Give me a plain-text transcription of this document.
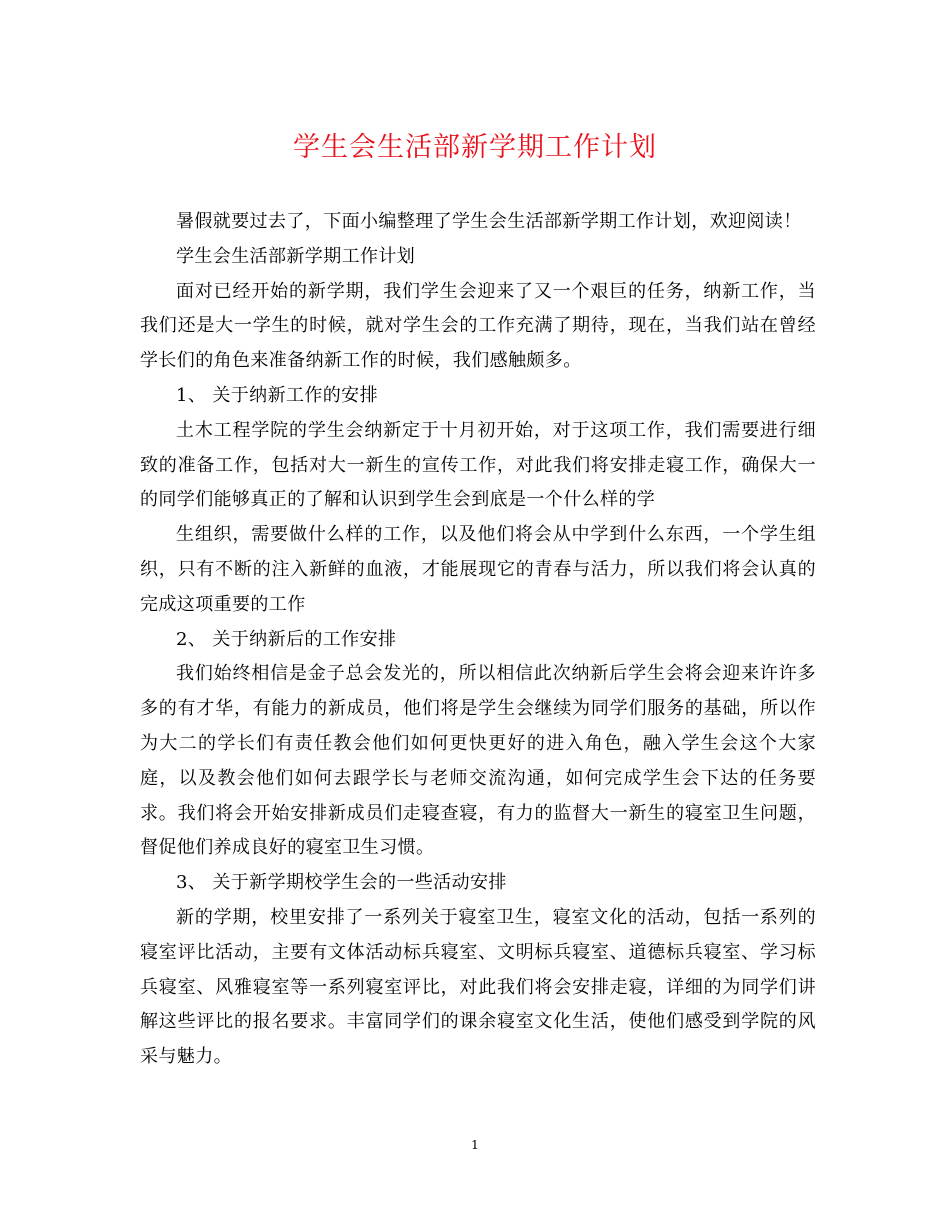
学生会生活部新学期工作计划

暑假就要过去了，下面小编整理了学生会生活部新学期工作计划，欢迎阅读！

学生会生活部新学期工作计划

面对已经开始的新学期，我们学生会迎来了又一个艰巨的任务，纳新工作，当我们还是大一学生的时候，就对学生会的工作充满了期待，现在，当我们站在曾经学长们的角色来准备纳新工作的时候，我们感触颇多。

1、 关于纳新工作的安排

土木工程学院的学生会纳新定于十月初开始，对于这项工作，我们需要进行细致的准备工作，包括对大一新生的宣传工作，对此我们将安排走寝工作，确保大一的同学们能够真正的了解和认识到学生会到底是一个什么样的学

生组织，需要做什么样的工作，以及他们将会从中学到什么东西，一个学生组织，只有不断的注入新鲜的血液，才能展现它的青春与活力，所以我们将会认真的完成这项重要的工作

2、 关于纳新后的工作安排

我们始终相信是金子总会发光的，所以相信此次纳新后学生会将会迎来许许多多的有才华，有能力的新成员，他们将是学生会继续为同学们服务的基础，所以作为大二的学长们有责任教会他们如何更快更好的进入角色，融入学生会这个大家庭，以及教会他们如何去跟学长与老师交流沟通，如何完成学生会下达的任务要求。我们将会开始安排新成员们走寝查寝，有力的监督大一新生的寝室卫生问题，督促他们养成良好的寝室卫生习惯。

3、 关于新学期校学生会的一些活动安排

新的学期，校里安排了一系列关于寝室卫生，寝室文化的活动，包括一系列的寝室评比活动，主要有文体活动标兵寝室、文明标兵寝室、道德标兵寝室、学习标兵寝室、风雅寝室等一系列寝室评比，对此我们将会安排走寝，详细的为同学们讲解这些评比的报名要求。丰富同学们的课余寝室文化生活，使他们感受到学院的风采与魅力。

1
